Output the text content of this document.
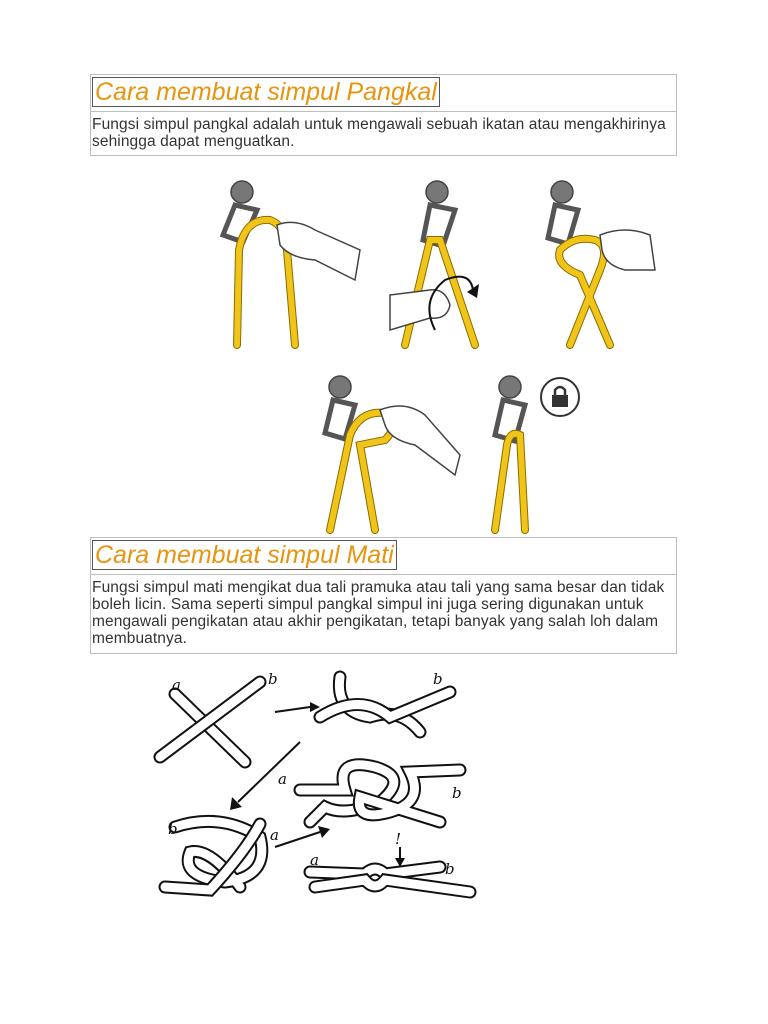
Cara membuat simpul Pangkal
Fungsi simpul pangkal adalah untuk mengawali sebuah ikatan atau mengakhirinya sehingga dapat menguatkan.
Cara membuat simpul Mati
Fungsi simpul mati mengikat dua tali pramuka atau tali yang sama besar dan tidak boleh licin. Sama seperti simpul pangkal simpul ini juga sering digunakan untuk mengawali pengikatan atau akhir pengikatan, tetapi banyak yang salah loh dalam membuatnya.
a	b	b
b	a
a
b
a	b
!
